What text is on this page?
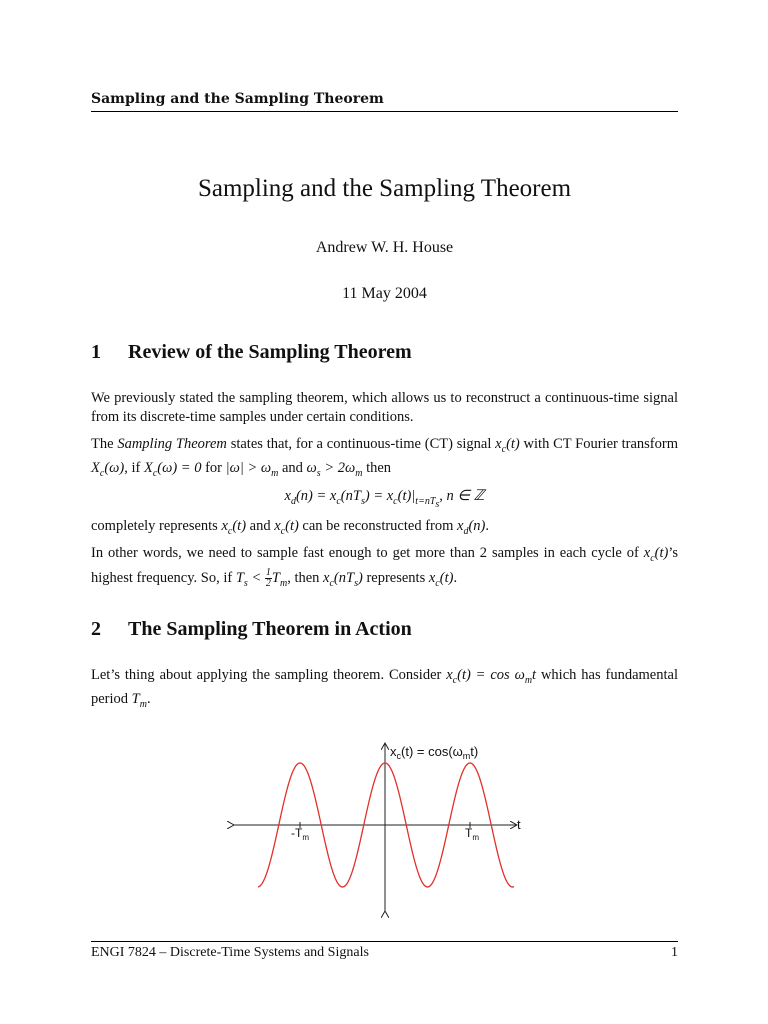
Sampling and the Sampling Theorem
Sampling and the Sampling Theorem
Andrew W. H. House
11 May 2004
1 Review of the Sampling Theorem

We previously stated the sampling theorem, which allows us to reconstruct a continuous-time signal from its discrete-time samples under certain conditions.

The Sampling Theorem states that, for a continuous-time (CT) signal $x_c(t)$ with CT Fourier transform $X_c(\omega)$, if $X_c(\omega) = 0$ for $|\omega| > \omega_m$ and $\omega_s > 2\omega_m$ then

$x_d(n) = x_c(nT_s) = x_c(t)|_{t=nT_s}$, n ∈ ℤ

completely represents $x_c(t)$ and $x_c(t)$ can be reconstructed from $x_d(n)$.

In other words, we need to sample fast enough to get more than 2 samples in each cycle of $x_c(t)’s$ highest frequency. So, if $T_s < \frac{1}{2} T_m$, then $x_c(nT_s)$ represents $x_c(t)$.

2 The Sampling Theorem in Action

Let’s thing about applying the sampling theorem. Consider $x_c(t) = \cos \omega_mt$ which has fundamental period $T_m$.

$x_c(t) = \cos(\omega_mt)$
t
$-T_m$	$T_m$
ENGI 7824 – Discrete-Time Systems and Signals	1
